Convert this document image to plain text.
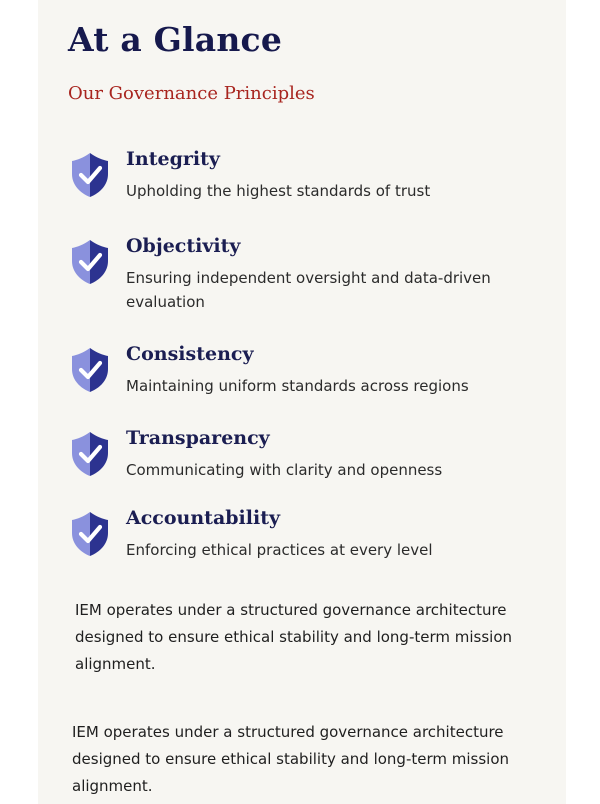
At a Glance
Our Governance Principles
Integrity

Upholding the highest standards of trust

Objectivity

Ensuring independent oversight and data-driven evaluation

Consistency

Maintaining uniform standards across regions

Transparency

Communicating with clarity and openness

Accountability

Enforcing ethical practices at every level

IEM operates under a structured governance architecture designed to ensure ethical stability and long-term mission alignment.

IEM operates under a structured governance architecture designed to ensure ethical stability and long-term mission alignment.
